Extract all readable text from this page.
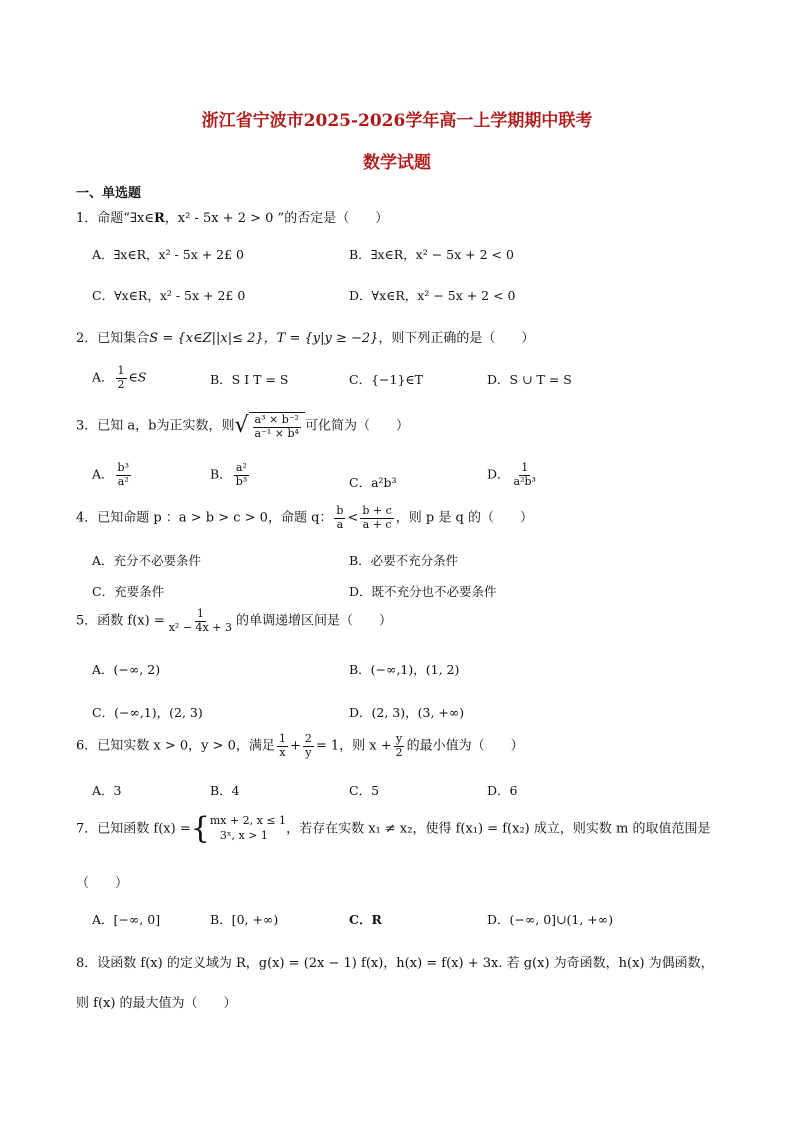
浙江省宁波市2025-2026学年高一上学期期中联考
数学试题
一、单选题
1．命题“∃x∈R，x² - 5x + 2 > 0 ”的否定是（　　）
A．∃x∈R，x² - 5x + 2£ 0	B．∃x∈R，x² − 5x + 2 < 0
C．∀x∈R，x² - 5x + 2£ 0	D．∀x∈R，x² − 5x + 2 < 0
2．已知集合S = {x∈Z||x|≤ 2}，T = {y|y ≥ −2}，则下列正确的是（　　）
A． $\frac{1}{2}$ ∈S	B．S I T = S	C．{−1}∈T	D．S ∪ T = S
3．已知 a，b为正实数，则 √ $\frac{\text{a³ × b⁻²}}{\text{a⁻¹ × b⁴}}$ 可化简为（　　）
A． $\frac{\text{b³}}{\text{a²}}$	B． $\frac{\text{a²}}{\text{b³}}$	C．a²b³
D． $\frac{1}{\text{a²b³}}$
4．已知命题 p ：a > b > c > 0，命题 q： $\frac{b}{a} < \frac{b + c}{a + c}$ ，则 p 是 q 的（　　）
A．充分不必要条件	B．必要不充分条件
C．充要条件	D．既不充分也不必要条件
5．函数 $f(x) = \frac{1}{\text{x² − 4x + 3}}$ 的单调递增区间是（　　）
A．(−∞, 2)	B．(−∞,1)，(1, 2)
C．(−∞,1)，(2, 3)	D．(2, 3)，(3, +∞)
6．已知实数 x > 0，y > 0，满足 $\frac{1}{x} + \frac{2}{y} = 1$，则 $x + \frac{y}{2}$ 的最小值为（　　）
A．3	B．4	C．5	D．6
7．已知函数 f(x) = { mx + 2, x ≤ 1
3ˣ, x > 1	，若存在实数 x₁ ≠ x₂，使得 f(x₁) = f(x₂) 成立，则实数 m 的取值范围是
（　　）
A．[−∞, 0]	B．[0, +∞)	C．R	D．(−∞, 0]∪(1, +∞)
8．设函数 f(x) 的定义域为 R，g(x) = (2x − 1) f(x)，h(x) = f(x) + 3x. 若 g(x) 为奇函数，h(x) 为偶函数，
则 f(x) 的最大值为（　　）
